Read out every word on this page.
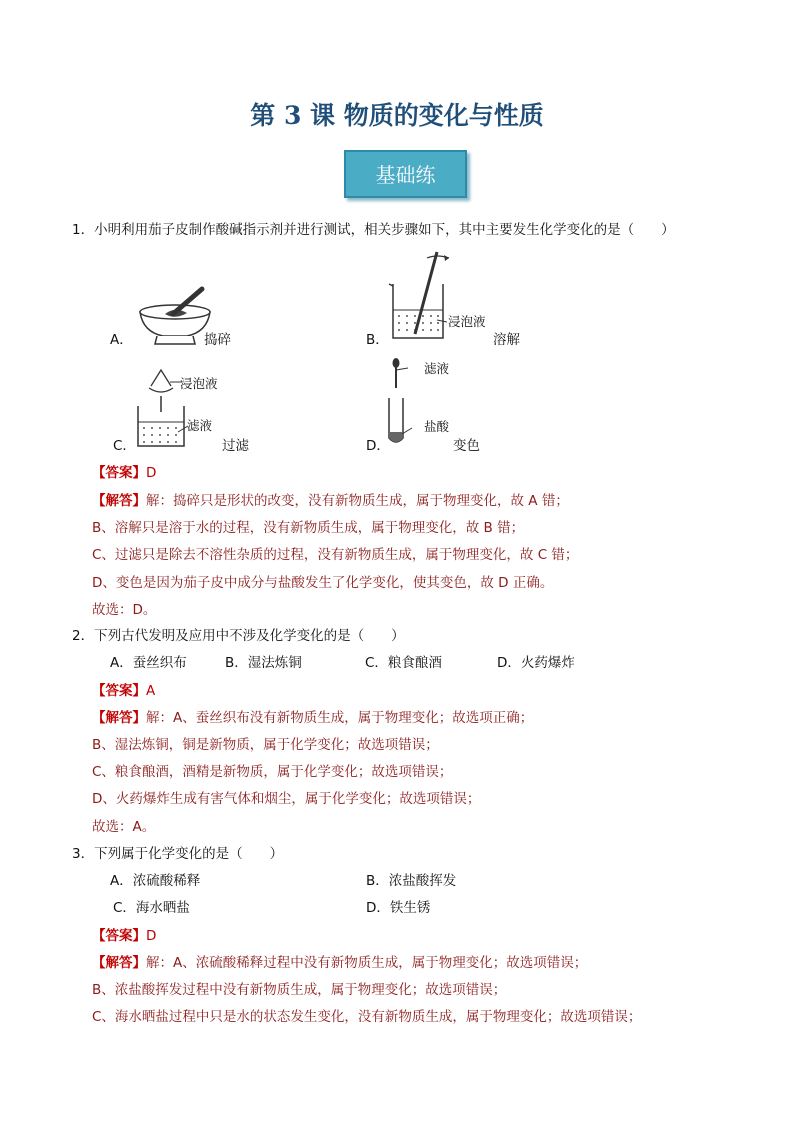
第 3 课 物质的变化与性质
基础练
1．小明利用茄子皮制作酸碱指示剂并进行测试，相关步骤如下，其中主要发生化学变化的是（　　）
A．	捣碎	B．
浸泡液
溶解
C．
浸泡液
滤液
过滤	D．
滤液
盐酸
变色
【答案】D
【解答】解：捣碎只是形状的改变，没有新物质生成，属于物理变化，故 A 错；
B、溶解只是溶于水的过程，没有新物质生成，属于物理变化，故 B 错；
C、过滤只是除去不溶性杂质的过程，没有新物质生成，属于物理变化，故 C 错；
D、变色是因为茄子皮中成分与盐酸发生了化学变化，使其变色，故 D 正确。
故选：D。
2．下列古代发明及应用中不涉及化学变化的是（　　）
A．蚕丝织布	B．湿法炼铜	C．粮食酿酒	D．火药爆炸
【答案】A
【解答】解：A、蚕丝织布没有新物质生成，属于物理变化；故选项正确；
B、湿法炼铜，铜是新物质，属于化学变化；故选项错误；
C、粮食酿酒，酒精是新物质，属于化学变化；故选项错误；
D、火药爆炸生成有害气体和烟尘，属于化学变化；故选项错误；
故选：A。
3．下列属于化学变化的是（　　）
A．浓硫酸稀释	B．浓盐酸挥发
C．海水晒盐	D．铁生锈
【答案】D
【解答】解：A、浓硫酸稀释过程中没有新物质生成，属于物理变化；故选项错误；
B、浓盐酸挥发过程中没有新物质生成，属于物理变化；故选项错误；
C、海水晒盐过程中只是水的状态发生变化，没有新物质生成，属于物理变化；故选项错误；
